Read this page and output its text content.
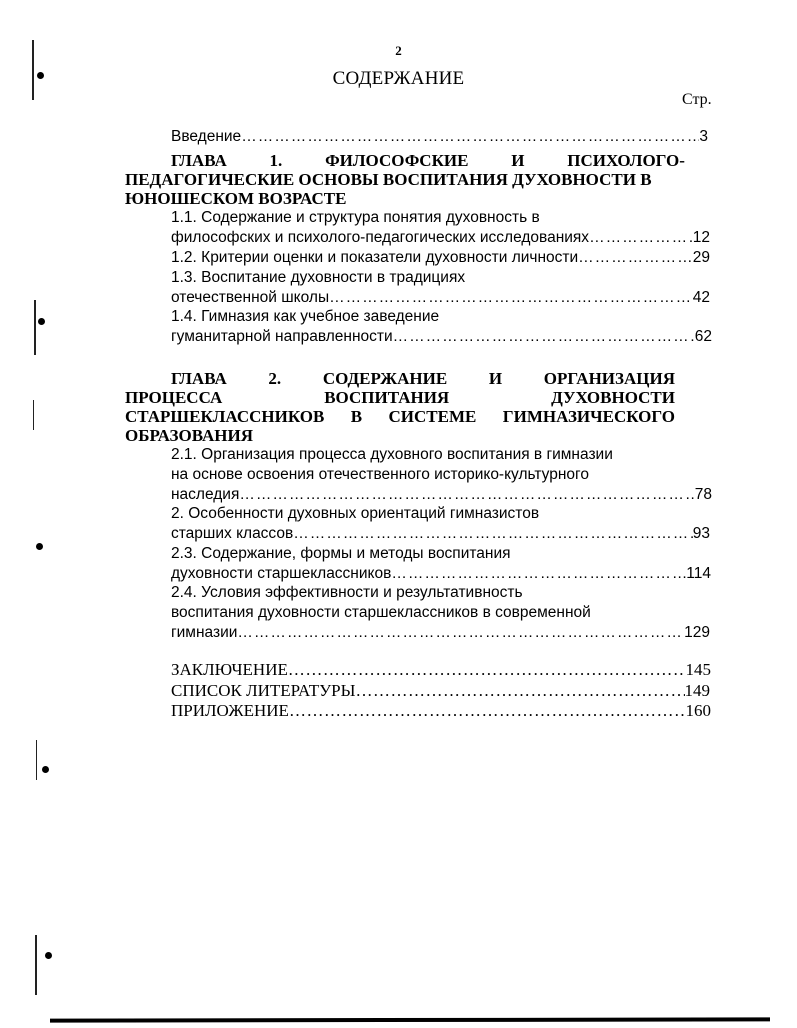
2
СОДЕРЖАНИЕ
Стр.
Введение …………………………………………………………………………………………………………………………………	3
ГЛАВА	1.	ФИЛОСОФСКИЕ	И	ПСИХОЛОГО-
ПЕДАГОГИЧЕСКИЕ ОСНОВЫ ВОСПИТАНИЯ ДУХОВНОСТИ В
ЮНОШЕСКОМ ВОЗРАСТЕ
1.1. Содержание и структура понятия духовность в
философских и психолого-педагогических исследованиях …………………………………………………………………………………………………………………………………	12
1.2. Критерии оценки и показатели духовности личности …………………………………………………………………………………………………………………………………	29
1.3. Воспитание духовности в традициях
отечественной школы …………………………………………………………………………………………………………………………………	42
1.4. Гимназия как учебное заведение
гуманитарной направленности …………………………………………………………………………………………………………………………………	62
ГЛАВА 2. СОДЕРЖАНИЕ И ОРГАНИЗАЦИЯ
ПРОЦЕССА	ВОСПИТАНИЯ	ДУХОВНОСТИ
СТАРШЕКЛАССНИКОВ В СИСТЕМЕ ГИМНАЗИЧЕСКОГО
ОБРАЗОВАНИЯ
2.1. Организация процесса духовного воспитания в гимназии
на основе освоения отечественного историко-культурного
наследия …………………………………………………………………………………………………………………………………	78
2. Особенности духовных ориентаций гимназистов
старших классов …………………………………………………………………………………………………………………………………	93
2.3. Содержание, формы и методы воспитания
духовности старшеклассников …………………………………………………………………………………………………………………………………	114
2.4. Условия эффективности и результативность
воспитания духовности старшеклассников в современной
гимназии …………………………………………………………………………………………………………………………………	129
ЗАКЛЮЧЕНИЕ ……………………………………………………………………………………………………………	145
СПИСОК ЛИТЕРАТУРЫ ……………………………………………………………………………………………………………	149
ПРИЛОЖЕНИЕ ……………………………………………………………………………………………………………	160
